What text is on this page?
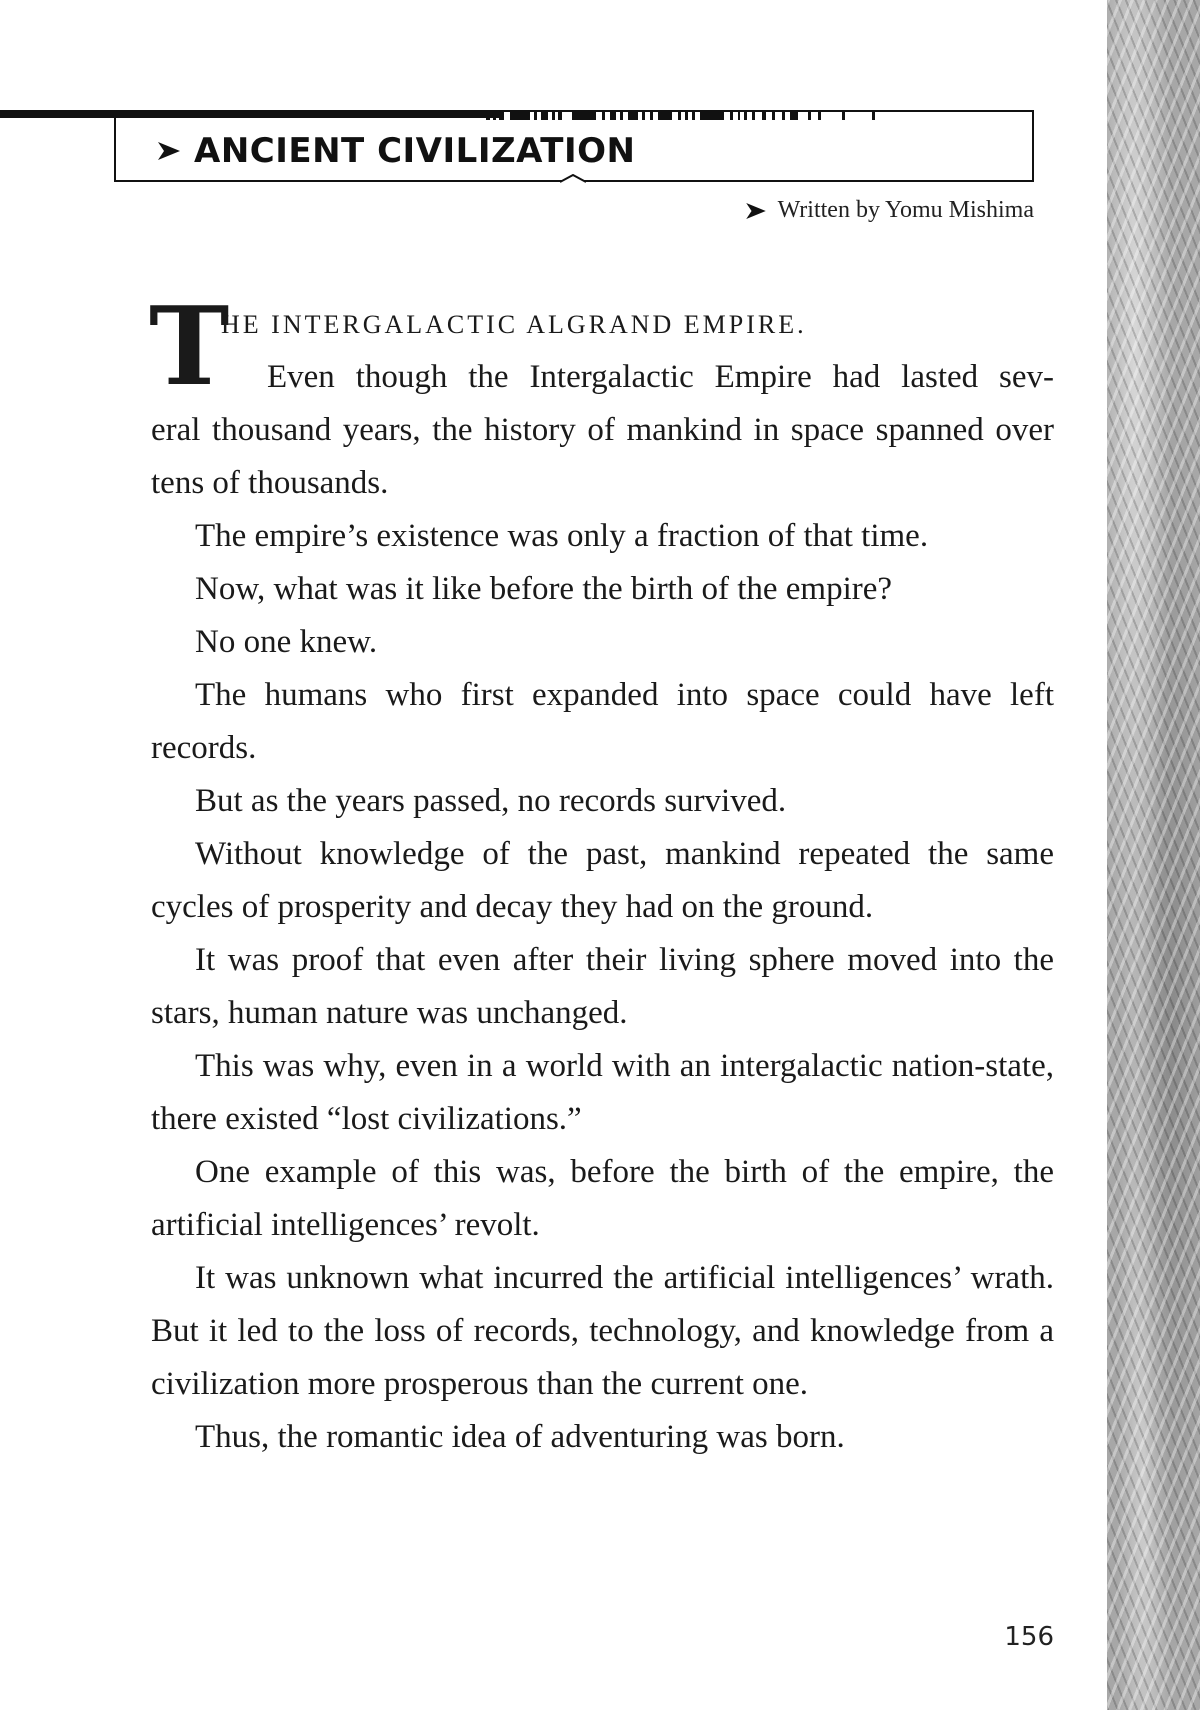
ANCIENT CIVILIZATION
Written by Yomu Mishima
T
HE INTERGALACTIC ALGRAND EMPIRE.
Even though the Intergalactic Empire had lasted sev-

eral thousand years, the history of mankind in space spanned over tens of thousands.

The empire’s existence was only a fraction of that time.

Now, what was it like before the birth of the empire?

No one knew.

The humans who first expanded into space could have left records.

But as the years passed, no records survived.

Without knowledge of the past, mankind repeated the same cycles of prosperity and decay they had on the ground.

It was proof that even after their living sphere moved into the stars, human nature was unchanged.

This was why, even in a world with an intergalactic nation-state, there existed “lost civilizations.”

One example of this was, before the birth of the empire, the artificial intelligences’ revolt.

It was unknown what incurred the artificial intelligences’ wrath. But it led to the loss of records, technology, and knowledge from a civilization more prosperous than the current one.

Thus, the romantic idea of adventuring was born.

156
